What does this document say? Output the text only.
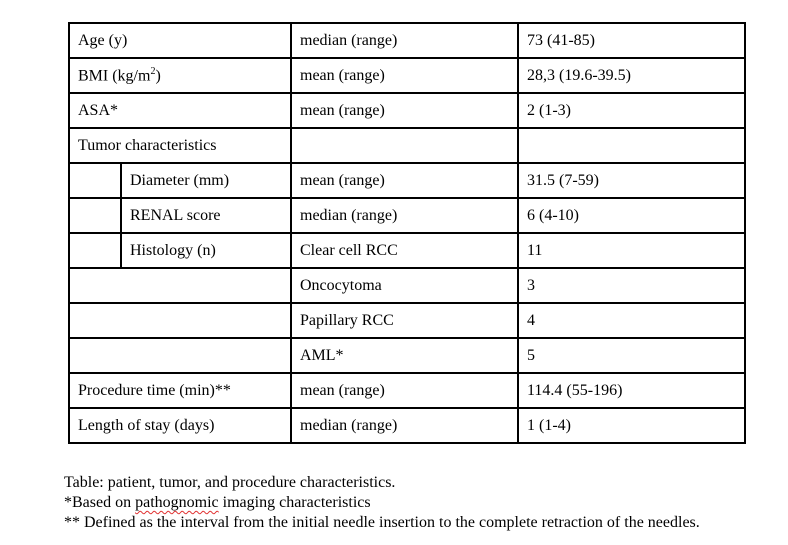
Age (y)		median (range)	73 (41-85)
BMI $(kg/m^2)$		mean (range)	28,3 (19.6-39.5)
ASA*		mean (range)	2 (1-3)
Tumor characteristics			
	Diameter (mm)	mean (range)	31.5 (7-59)
	RENAL score	median (range)	6 (4-10)
	Histology (n)	Clear cell RCC	11
		Oncocytoma	3
		Papillary RCC	4
		AML*	5
Procedure time (min)**		mean (range)	114.4 (55-196)
Length of stay (days)		median (range)	1 (1-4)
Table: patient, tumor, and procedure characteristics.
*Based on pathognomic imaging characteristics
** Defined as the interval from the initial needle insertion to the complete retraction of the needles.
